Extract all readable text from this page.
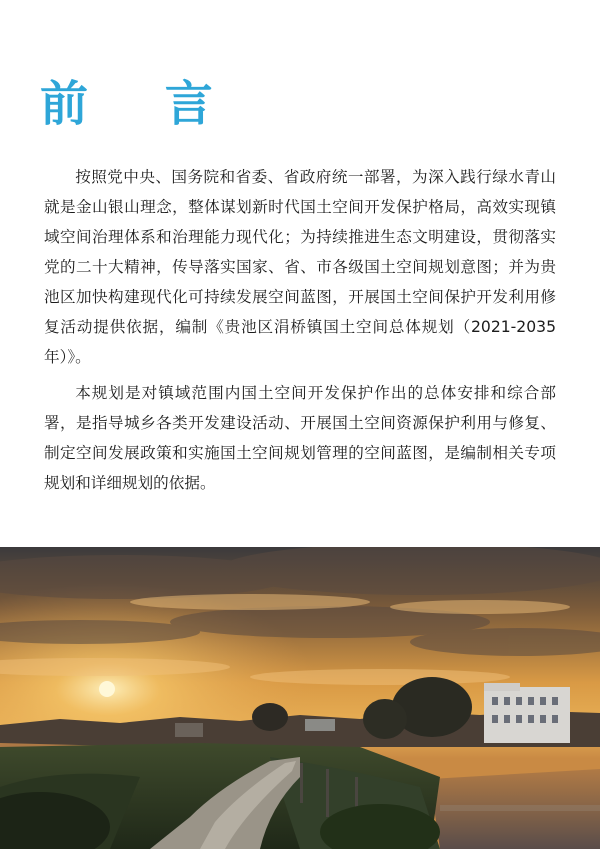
前 言

按照党中央、国务院和省委、省政府统一部署，为深入践行绿水青山就是金山银山理念，整体谋划新时代国土空间开发保护格局，高效实现镇域空间治理体系和治理能力现代化；为持续推进生态文明建设，贯彻落实党的二十大精神，传导落实国家、省、市各级国土空间规划意图；并为贵池区加快构建现代化可持续发展空间蓝图，开展国土空间保护开发利用修复活动提供依据，编制《贵池区涓桥镇国土空间总体规划（2021-2035年）》。

本规划是对镇域范围内国土空间开发保护作出的总体安排和综合部署，是指导城乡各类开发建设活动、开展国土空间资源保护利用与修复、制定空间发展政策和实施国土空间规划管理的空间蓝图，是编制相关专项规划和详细规划的依据。
